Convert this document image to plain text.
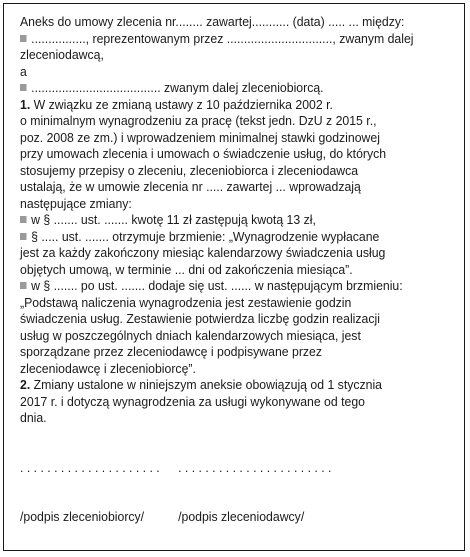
Aneks do umowy zlecenia nr........ zawartej........... (data) ..... ... między:

................, reprezentowanym przez ..............................., zwanym dalej

zleceniodawcą,

a

...................................... zwanym dalej zleceniobiorcą.

1. W związku ze zmianą ustawy z 10 października 2002 r.

o minimalnym wynagrodzeniu za pracę (tekst jedn. DzU z 2015 r.,

poz. 2008 ze zm.) i wprowadzeniem minimalnej stawki godzinowej

przy umowach zlecenia i umowach o świadczenie usług, do których

stosujemy przepisy o zleceniu, zleceniobiorca i zleceniodawca

ustalają, że w umowie zlecenia nr ..... zawartej ... wprowadzają

następujące zmiany:

w § ....... ust. ....... kwotę 11 zł zastępują kwotą 13 zł,

§ ..... ust. ....... otrzymuje brzmienie: „Wynagrodzenie wypłacane

jest za każdy zakończony miesiąc kalendarzowy świadczenia usług

objętych umową, w terminie ... dni od zakończenia miesiąca”.

w § ....... po ust. ....... dodaje się ust. ...... w następującym brzmieniu:

„Podstawą naliczenia wynagrodzenia jest zestawienie godzin

świadczenia usług. Zestawienie potwierdza liczbę godzin realizacji

usług w poszczególnych dniach kalendarzowych miesiąca, jest

sporządzane przez zleceniodawcę i podpisywane przez

zleceniodawcę i zleceniobiorcę”.

2. Zmiany ustalone w niniejszym aneksie obowiązują od 1 stycznia

2017 r. i dotyczą wynagrodzenia za usługi wykonywane od tego

dnia.

. . . . . . . . . . . . . . . . . . . . .	. . . . . . . . . . . . . . . . . . . . . . .
/podpis zleceniobiorcy/	/podpis zleceniodawcy/
